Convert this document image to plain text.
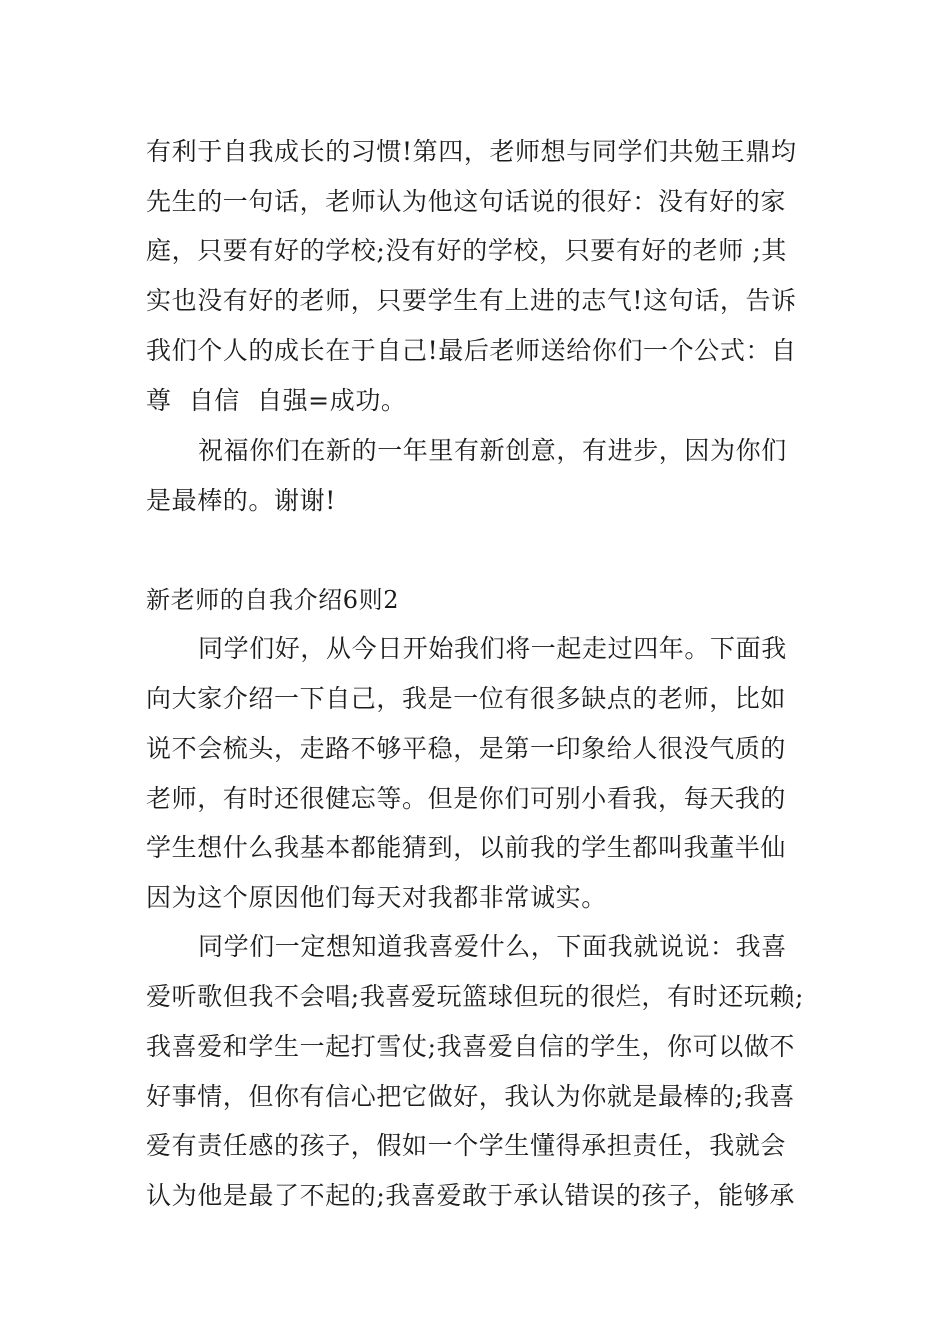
有利于自我成长的习惯!第四，老师想与同学们共勉王鼎均
先生的一句话，老师认为他这句话说的很好：没有好的家
庭，只要有好的学校;没有好的学校，只要有好的老师 ;其
实也没有好的老师，只要学生有上进的志气!这句话，告诉
我们个人的成长在于自己!最后老师送给你们一个公式：自
尊  自信  自强=成功。
祝福你们在新的一年里有新创意，有进步，因为你们
是最棒的。谢谢!
新老师的自我介绍6则2
同学们好，从今日开始我们将一起走过四年。下面我
向大家介绍一下自己，我是一位有很多缺点的老师，比如
说不会梳头，走路不够平稳，是第一印象给人很没气质的
老师，有时还很健忘等。但是你们可别小看我，每天我的
学生想什么我基本都能猜到，以前我的学生都叫我董半仙
因为这个原因他们每天对我都非常诚实。
同学们一定想知道我喜爱什么，下面我就说说：我喜
爱听歌但我不会唱;我喜爱玩篮球但玩的很烂，有时还玩赖;
我喜爱和学生一起打雪仗;我喜爱自信的学生，你可以做不
好事情，但你有信心把它做好，我认为你就是最棒的;我喜
爱有责任感的孩子，假如一个学生懂得承担责任，我就会
认为他是最了不起的;我喜爱敢于承认错误的孩子，能够承
